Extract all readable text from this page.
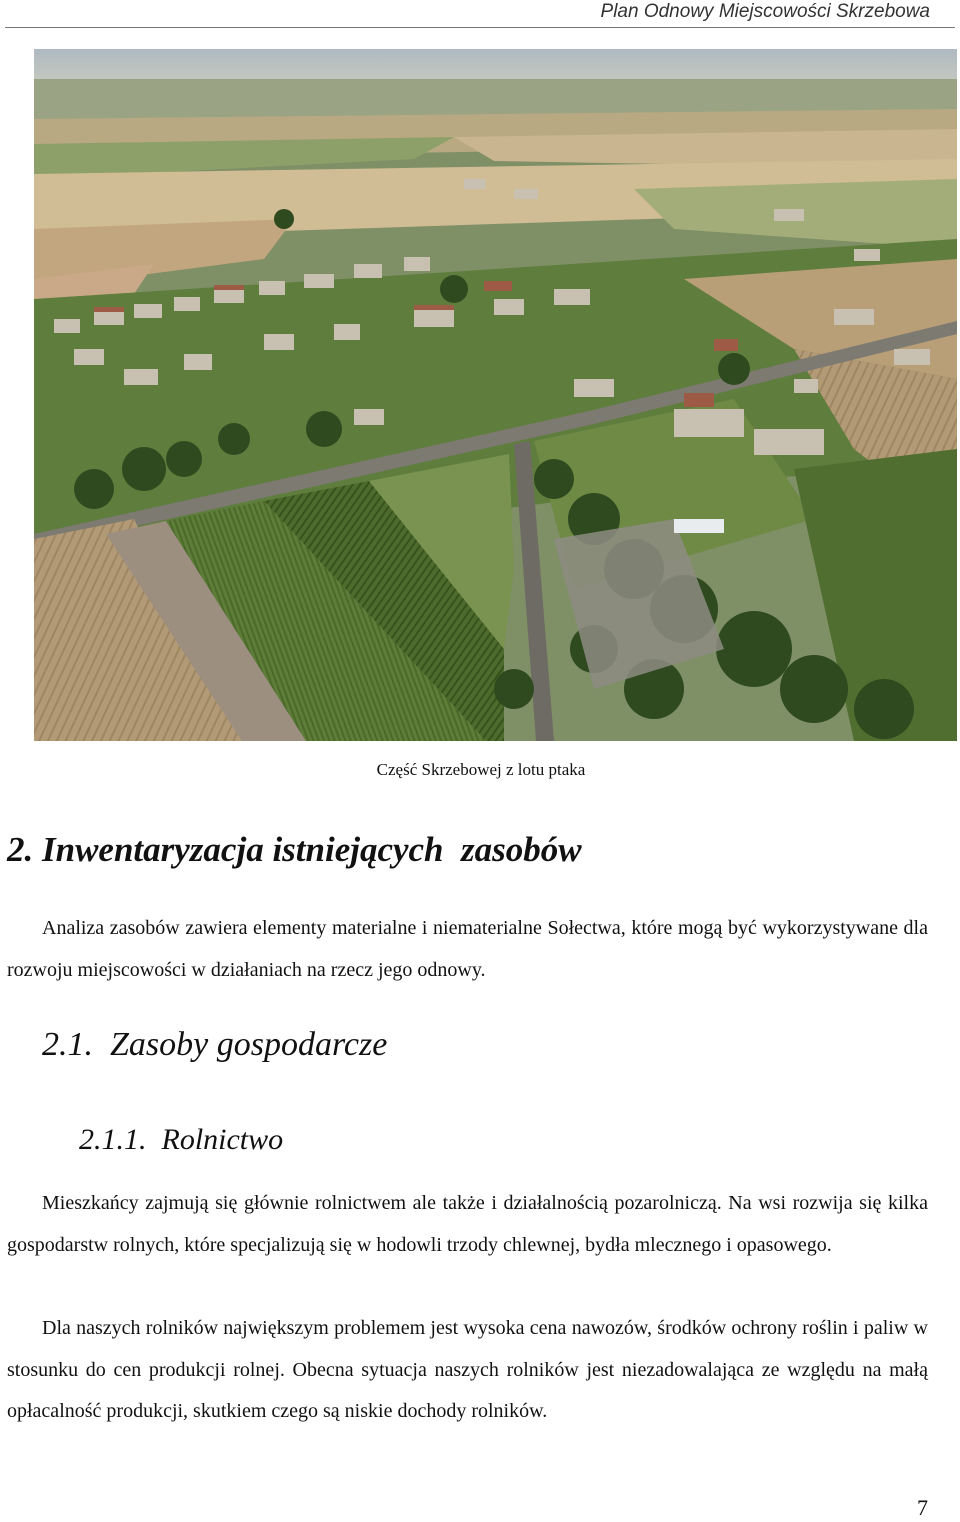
Plan Odnowy Miejscowości Skrzebowa
Część Skrzebowej z lotu ptaka
2. Inwentaryzacja istniejących  zasobów
Analiza zasobów zawiera elementy materialne i niematerialne Sołectwa, które mogą być wykorzystywane dla rozwoju miejscowości w działaniach na rzecz jego odnowy.
2.1. Zasoby gospodarcze
2.1.1. Rolnictwo
Mieszkańcy zajmują się głównie rolnictwem ale także i działalnością pozarolniczą. Na wsi rozwija się kilka gospodarstw rolnych, które specjalizują się w hodowli trzody chlewnej, bydła mlecznego i opasowego.
Dla naszych rolników największym problemem jest wysoka cena nawozów, środków ochrony roślin i paliw w stosunku do cen produkcji rolnej. Obecna sytuacja naszych rolników jest niezadowalająca ze względu na małą opłacalność produkcji, skutkiem czego są niskie dochody rolników.
7
